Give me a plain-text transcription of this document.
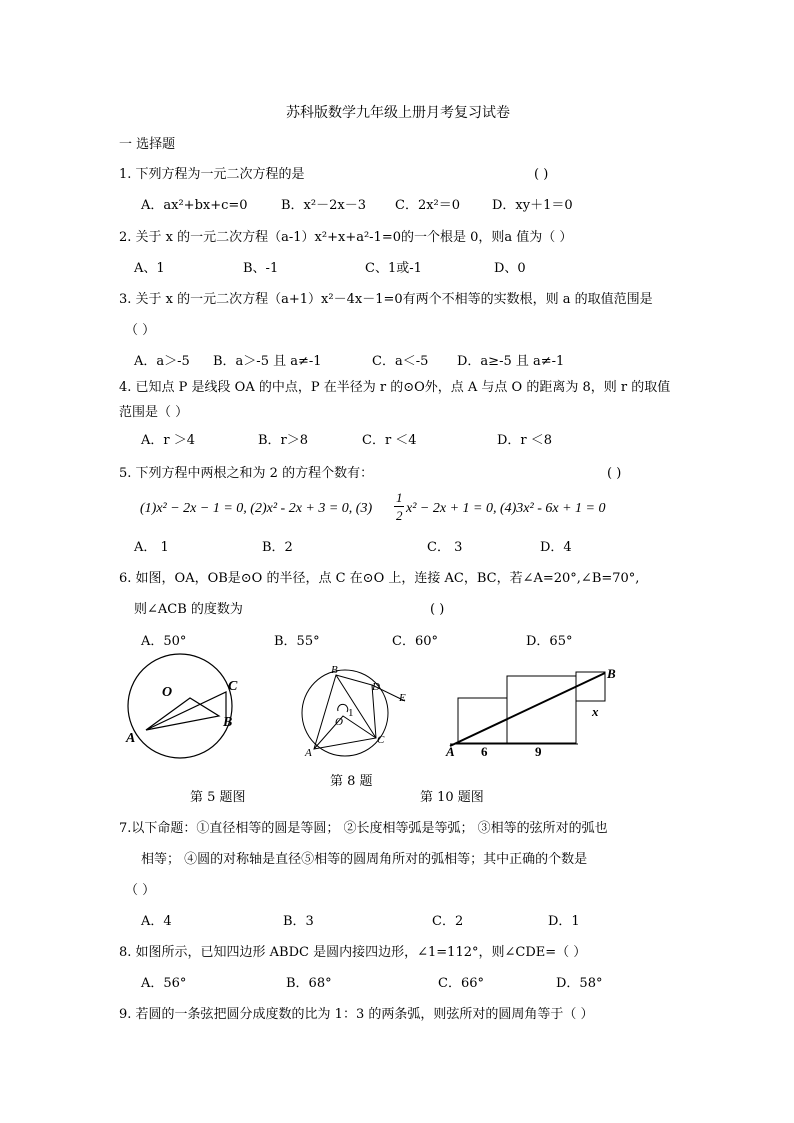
苏科版数学九年级上册月考复习试卷
一 选择题
1. 下列方程为一元二次方程的是	( )
A．ax²+bx+c=0	B．x²－2x－3 C．2x²＝0 D．xy＋1＝0
2. 关于 x 的一元二次方程（a-1）x²+x+a²-1=0的一个根是 0，则a 值为（ ）
A、1	B、-1	C、1或-1	D、0
3. 关于 x 的一元二次方程（a+1）x²－4x－1=0有两个不相等的实数根，则 a 的取值范围是
（ ）
A．a＞-5 B．a＞-5 且 a≠-1	C．a＜-5 D．a≥-5 且 a≠-1
4. 已知点 P 是线段 OA 的中点，P 在半径为 r 的⊙O外，点 A 与点 O 的距离为 8，则 r 的取值
范围是（ ）
A．r ＞4	B．r＞8	C．r ＜4	D．r ＜8
5. 下列方程中两根之和为 2 的方程个数有：	( )
(1)x² − 2x − 1 = 0, (2)x² - 2x + 3 = 0, (3)
1
2 x² − 2x + 1 = 0, (4)3x² - 6x + 1 = 0
A． 1	B．2	C． 3	D．4
6. 如图，OA，OB是⊙O 的半径，点 C 在⊙O 上，连接 AC，BC，若∠A=20°,∠B=70°,
则∠ACB 的度数为	( )
A．50°	B．55°	C．60°	D．65°
O	C
A
B
B
D
E
1
O
A
C
B
x
A 6	9
第 8 题
第 5 题图	第 10 题图
7.以下命题：①直径相等的圆是等圆； ②长度相等弧是等弧； ③相等的弦所对的弧也
相等； ④圆的对称轴是直径⑤相等的圆周角所对的弧相等；其中正确的个数是
（ ）
A．4	B．3	C．2	D．1
8. 如图所示，已知四边形 ABDC 是圆内接四边形，∠1=112°，则∠CDE=（ ）
A．56°	B．68°	C．66°	D．58°
9. 若圆的一条弦把圆分成度数的比为 1：3 的两条弧，则弦所对的圆周角等于（ ）
